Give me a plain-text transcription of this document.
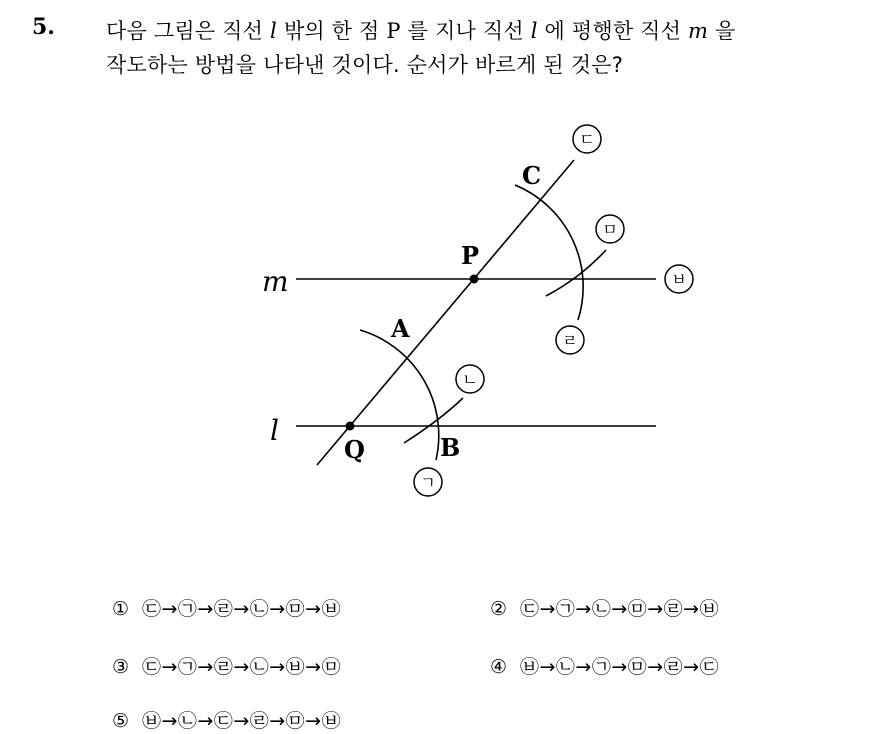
5. 다음 그림은 직선 l 밖의 한 점 P 를 지나 직선 l 에 평행한 직선 m 을
작도하는 방법을 나타낸 것이다. 순서가 바르게 된 것은?
m
l
P
Q
A
B
C
ㄷ
ㅁ
ㅂ
ㄹ
ㄴ
ㄱ
① ㉢→㉠→㉣→㉡→㉤→㉥	② ㉢→㉠→㉡→㉤→㉣→㉥
③ ㉢→㉠→㉣→㉡→㉥→㉤	④ ㉥→㉡→㉠→㉤→㉣→㉢
⑤ ㉥→㉡→㉢→㉣→㉤→㉥
